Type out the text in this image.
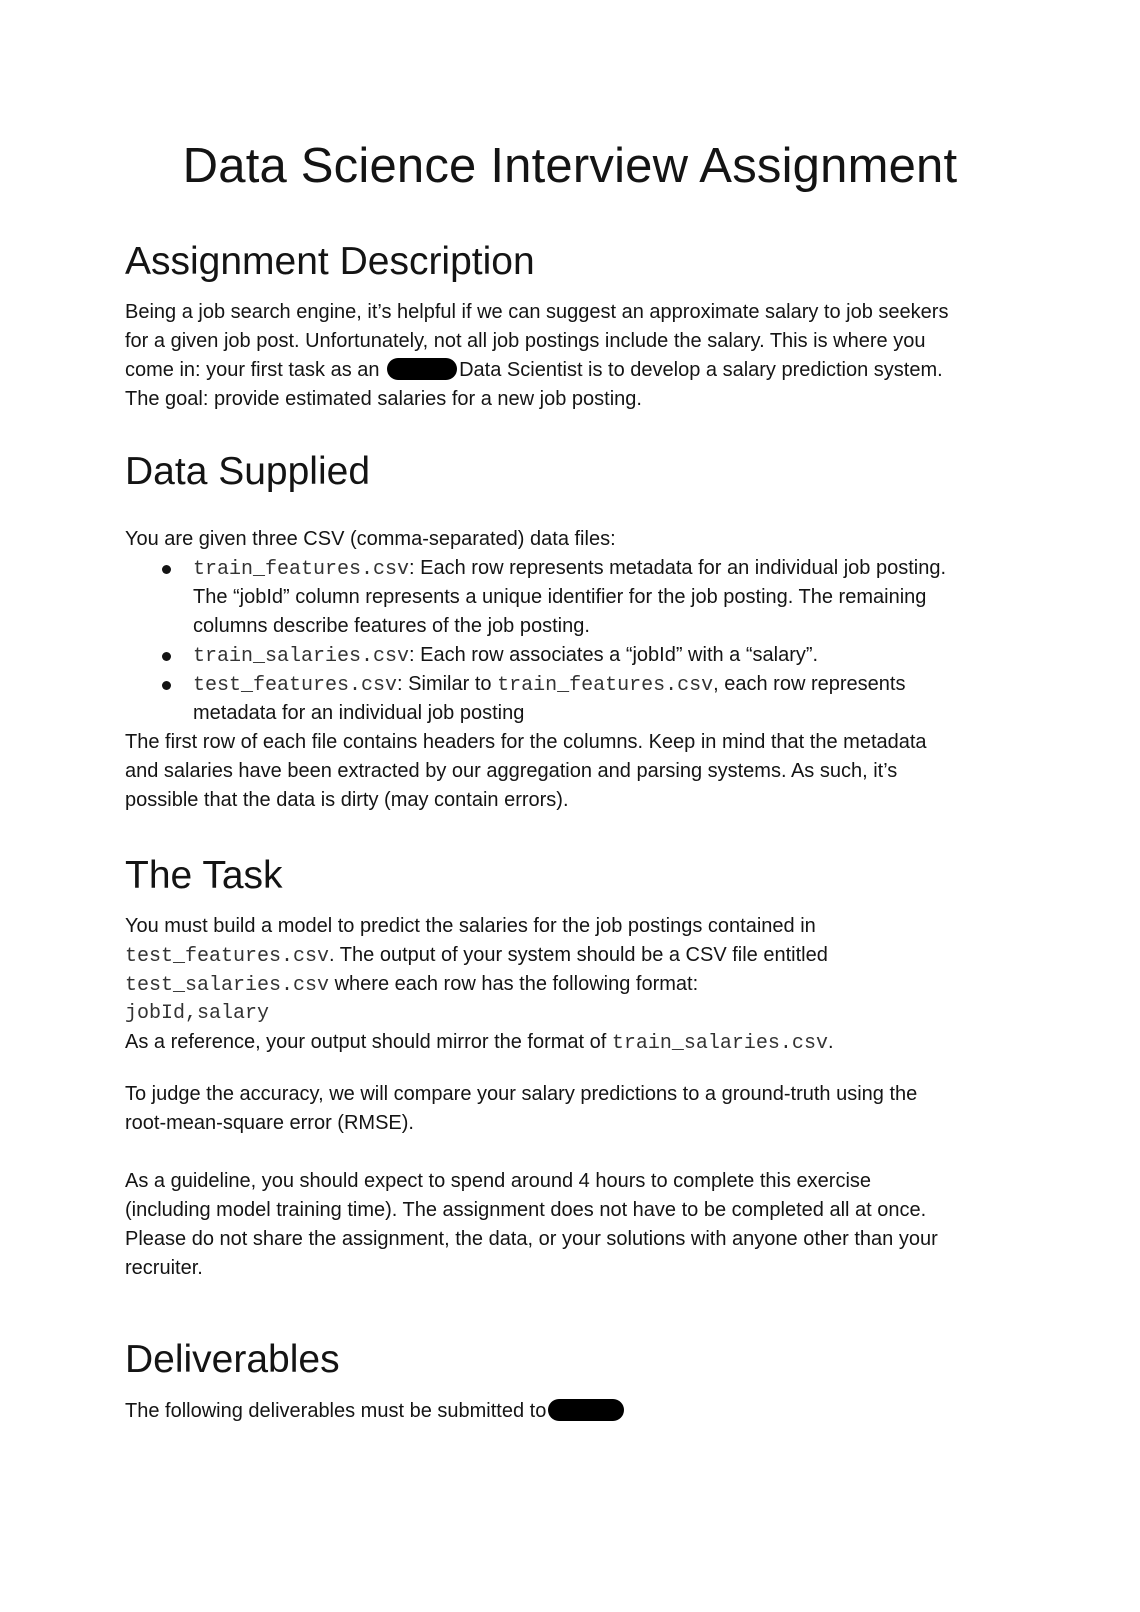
Data Science Interview Assignment
Assignment Description
Being a job search engine, it’s helpful if we can suggest an approximate salary to job seekers
for a given job post. Unfortunately, not all job postings include the salary. This is where you
come in: your first task as an	Data Scientist is to develop a salary prediction system.
The goal: provide estimated salaries for a new job posting.
Data Supplied
You are given three CSV (comma-separated) data files:
train_features.csv: Each row represents metadata for an individual job posting.
The “jobId” column represents a unique identifier for the job posting. The remaining
columns describe features of the job posting.
train_salaries.csv: Each row associates a “jobId” with a “salary”.
test_features.csv: Similar to train_features.csv, each row represents
metadata for an individual job posting
The first row of each file contains headers for the columns. Keep in mind that the metadata
and salaries have been extracted by our aggregation and parsing systems. As such, it’s
possible that the data is dirty (may contain errors).
The Task
You must build a model to predict the salaries for the job postings contained in
test_features.csv. The output of your system should be a CSV file entitled
test_salaries.csv where each row has the following format:
jobId,salary
As a reference, your output should mirror the format of train_salaries.csv.
To judge the accuracy, we will compare your salary predictions to a ground-truth using the
root-mean-square error (RMSE).
As a guideline, you should expect to spend around 4 hours to complete this exercise
(including model training time). The assignment does not have to be completed all at once.
Please do not share the assignment, the data, or your solutions with anyone other than your
recruiter.
Deliverables
The following deliverables must be submitted to
